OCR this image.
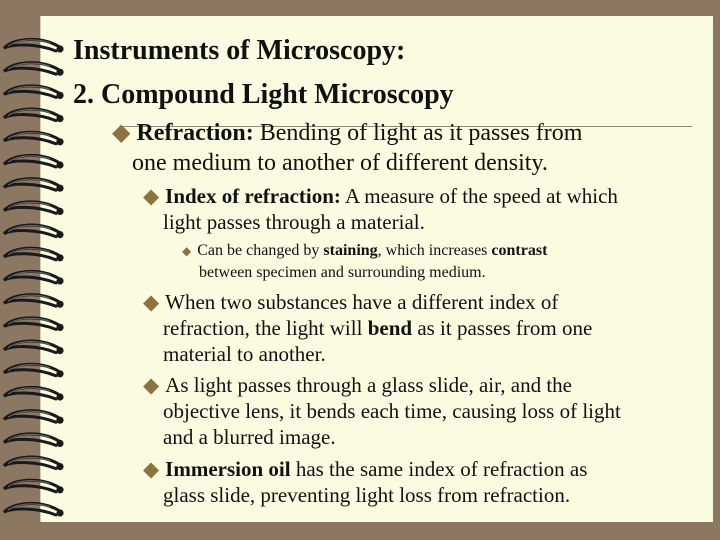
Instruments of Microscopy:
2. Compound Light Microscopy
◆ Refraction: Bending of light as it passes from
one medium to another of different density.
◆ Index of refraction: A measure of the speed at which
light passes through a material.
◆ Can be changed by staining, which increases contrast
between specimen and surrounding medium.
◆ When two substances have a different index of
refraction, the light will bend as it passes from one
material to another.
◆ As light passes through a glass slide, air, and the
objective lens, it bends each time, causing loss of light
and a blurred image.
◆ Immersion oil has the same index of refraction as
glass slide, preventing light loss from refraction.
